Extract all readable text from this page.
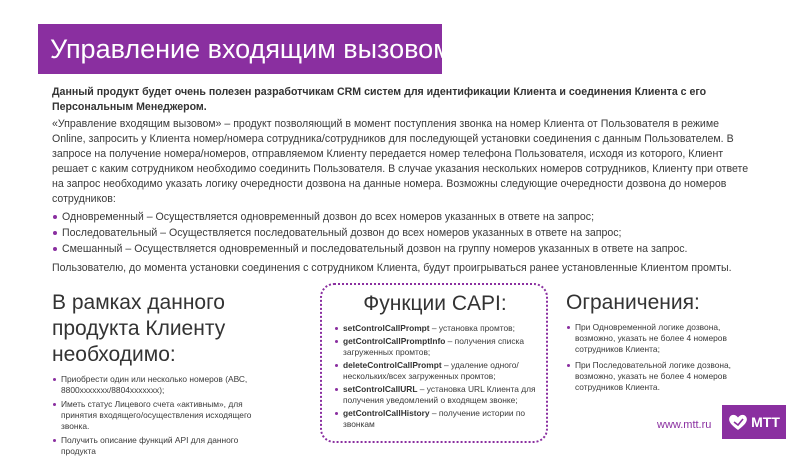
Управление входящим вызовом

Данный продукт будет очень полезен разработчикам CRM систем для идентификации Клиента и соединения Клиента с его Персональным Менеджером.

«Управление входящим вызовом» – продукт позволяющий в момент поступления звонка на номер Клиента от Пользователя в режиме Online, запросить у Клиента номер/номера сотрудника/сотрудников для последующей установки соединения с данным Пользователем. В запросе на получение номера/номеров, отправляемом Клиенту передается номер телефона Пользователя, исходя из которого, Клиент решает с каким сотрудником необходимо соединить Пользователя. В случае указания нескольких номеров сотрудников, Клиенту при ответе на запрос необходимо указать логику очередности дозвона на данные номера. Возможны следующие очередности дозвона до номеров сотрудников:

Одновременный – Осуществляется одновременный дозвон до всех номеров указанных в ответе на запрос;
Последовательный – Осуществляется последовательный дозвон до всех номеров указанных в ответе на запрос;
Смешанный – Осуществляется одновременный и последовательный дозвон на группу номеров указанных в ответе на запрос.

Пользователю, до момента установки соединения с сотрудником Клиента, будут проигрываться ранее установленные Клиентом промты.

В рамках данного продукта Клиенту необходимо:
Приобрести один или несколько номеров (АВС, 8800xxxxxxx/8804xxxxxxx);
Иметь статус Лицевого счета «активным», для принятия входящего/осуществления исходящего звонка.
Получить описание функций API для данного продукта
Функции CAPI:
setControlCallPrompt – установка промтов;
getControlCallPromptInfo – получения списка загруженных промтов;
deleteControlCallPrompt – удаление одного/нескольких/всех загруженных промтов;
setControlCallURL – установка URL Клиента для получения уведомлений о входящем звонке;
getControlCallHistory – получение истории по звонкам
Ограничения:
При Одновременной логике дозвона, возможно, указать не более 4 номеров сотрудников Клиента;
При Последовательной логике дозвона, возможно, указать не более 4 номеров сотрудников Клиента.
www.mtt.ru	МТТ
